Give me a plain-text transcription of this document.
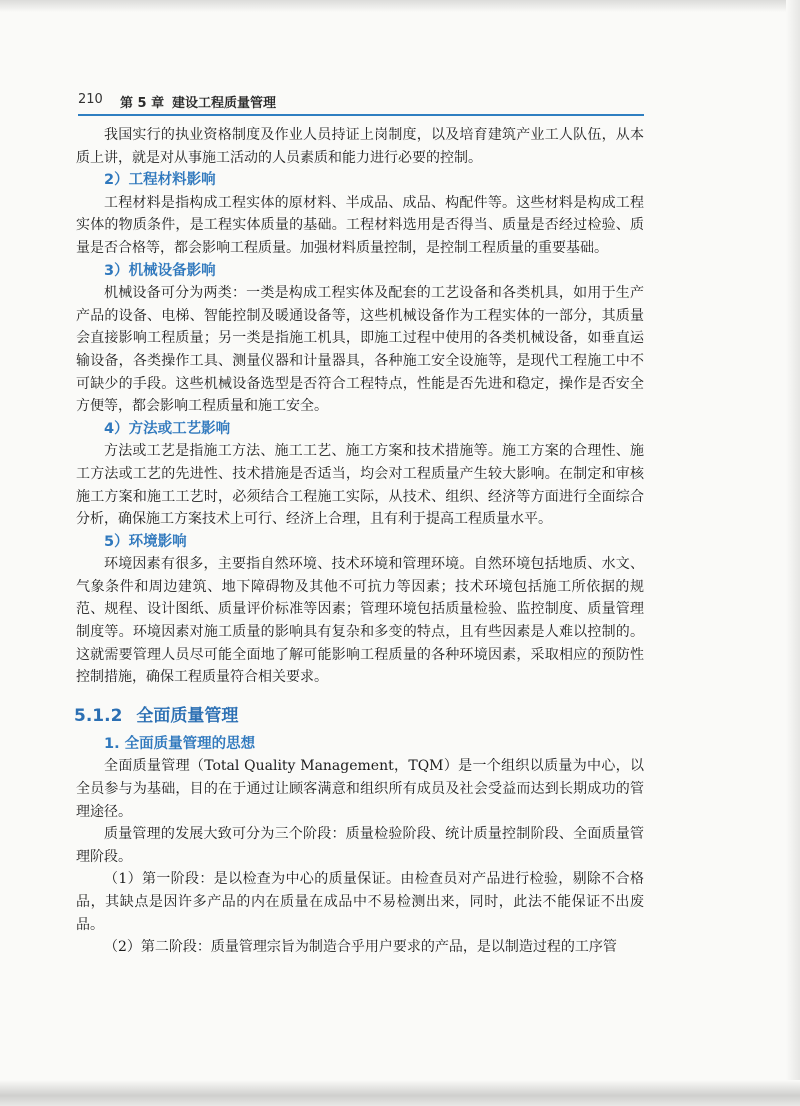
210 第 5 章 建设工程质量管理

我国实行的执业资格制度及作业人员持证上岗制度，以及培育建筑产业工人队伍，从本质上讲，就是对从事施工活动的人员素质和能力进行必要的控制。

2）工程材料影响

工程材料是指构成工程实体的原材料、半成品、成品、构配件等。这些材料是构成工程实体的物质条件，是工程实体质量的基础。工程材料选用是否得当、质量是否经过检验、质量是否合格等，都会影响工程质量。加强材料质量控制，是控制工程质量的重要基础。

3）机械设备影响

机械设备可分为两类：一类是构成工程实体及配套的工艺设备和各类机具，如用于生产产品的设备、电梯、智能控制及暖通设备等，这些机械设备作为工程实体的一部分，其质量会直接影响工程质量；另一类是指施工机具，即施工过程中使用的各类机械设备，如垂直运输设备，各类操作工具、测量仪器和计量器具，各种施工安全设施等，是现代工程施工中不可缺少的手段。这些机械设备选型是否符合工程特点，性能是否先进和稳定，操作是否安全方便等，都会影响工程质量和施工安全。

4）方法或工艺影响

方法或工艺是指施工方法、施工工艺、施工方案和技术措施等。施工方案的合理性、施工方法或工艺的先进性、技术措施是否适当，均会对工程质量产生较大影响。在制定和审核施工方案和施工工艺时，必须结合工程施工实际，从技术、组织、经济等方面进行全面综合分析，确保施工方案技术上可行、经济上合理，且有利于提高工程质量水平。

5）环境影响

环境因素有很多，主要指自然环境、技术环境和管理环境。自然环境包括地质、水文、气象条件和周边建筑、地下障碍物及其他不可抗力等因素；技术环境包括施工所依据的规范、规程、设计图纸、质量评价标准等因素；管理环境包括质量检验、监控制度、质量管理制度等。环境因素对施工质量的影响具有复杂和多变的特点，且有些因素是人难以控制的。这就需要管理人员尽可能全面地了解可能影响工程质量的各种环境因素，采取相应的预防性控制措施，确保工程质量符合相关要求。

5.1.2 全面质量管理
1. 全面质量管理的思想

全面质量管理（Total Quality Management，TQM）是一个组织以质量为中心，以全员参与为基础，目的在于通过让顾客满意和组织所有成员及社会受益而达到长期成功的管理途径。

质量管理的发展大致可分为三个阶段：质量检验阶段、统计质量控制阶段、全面质量管理阶段。

（1）第一阶段：是以检查为中心的质量保证。由检查员对产品进行检验，剔除不合格品，其缺点是因许多产品的内在质量在成品中不易检测出来，同时，此法不能保证不出废品。

（2）第二阶段：质量管理宗旨为制造合乎用户要求的产品，是以制造过程的工序管
